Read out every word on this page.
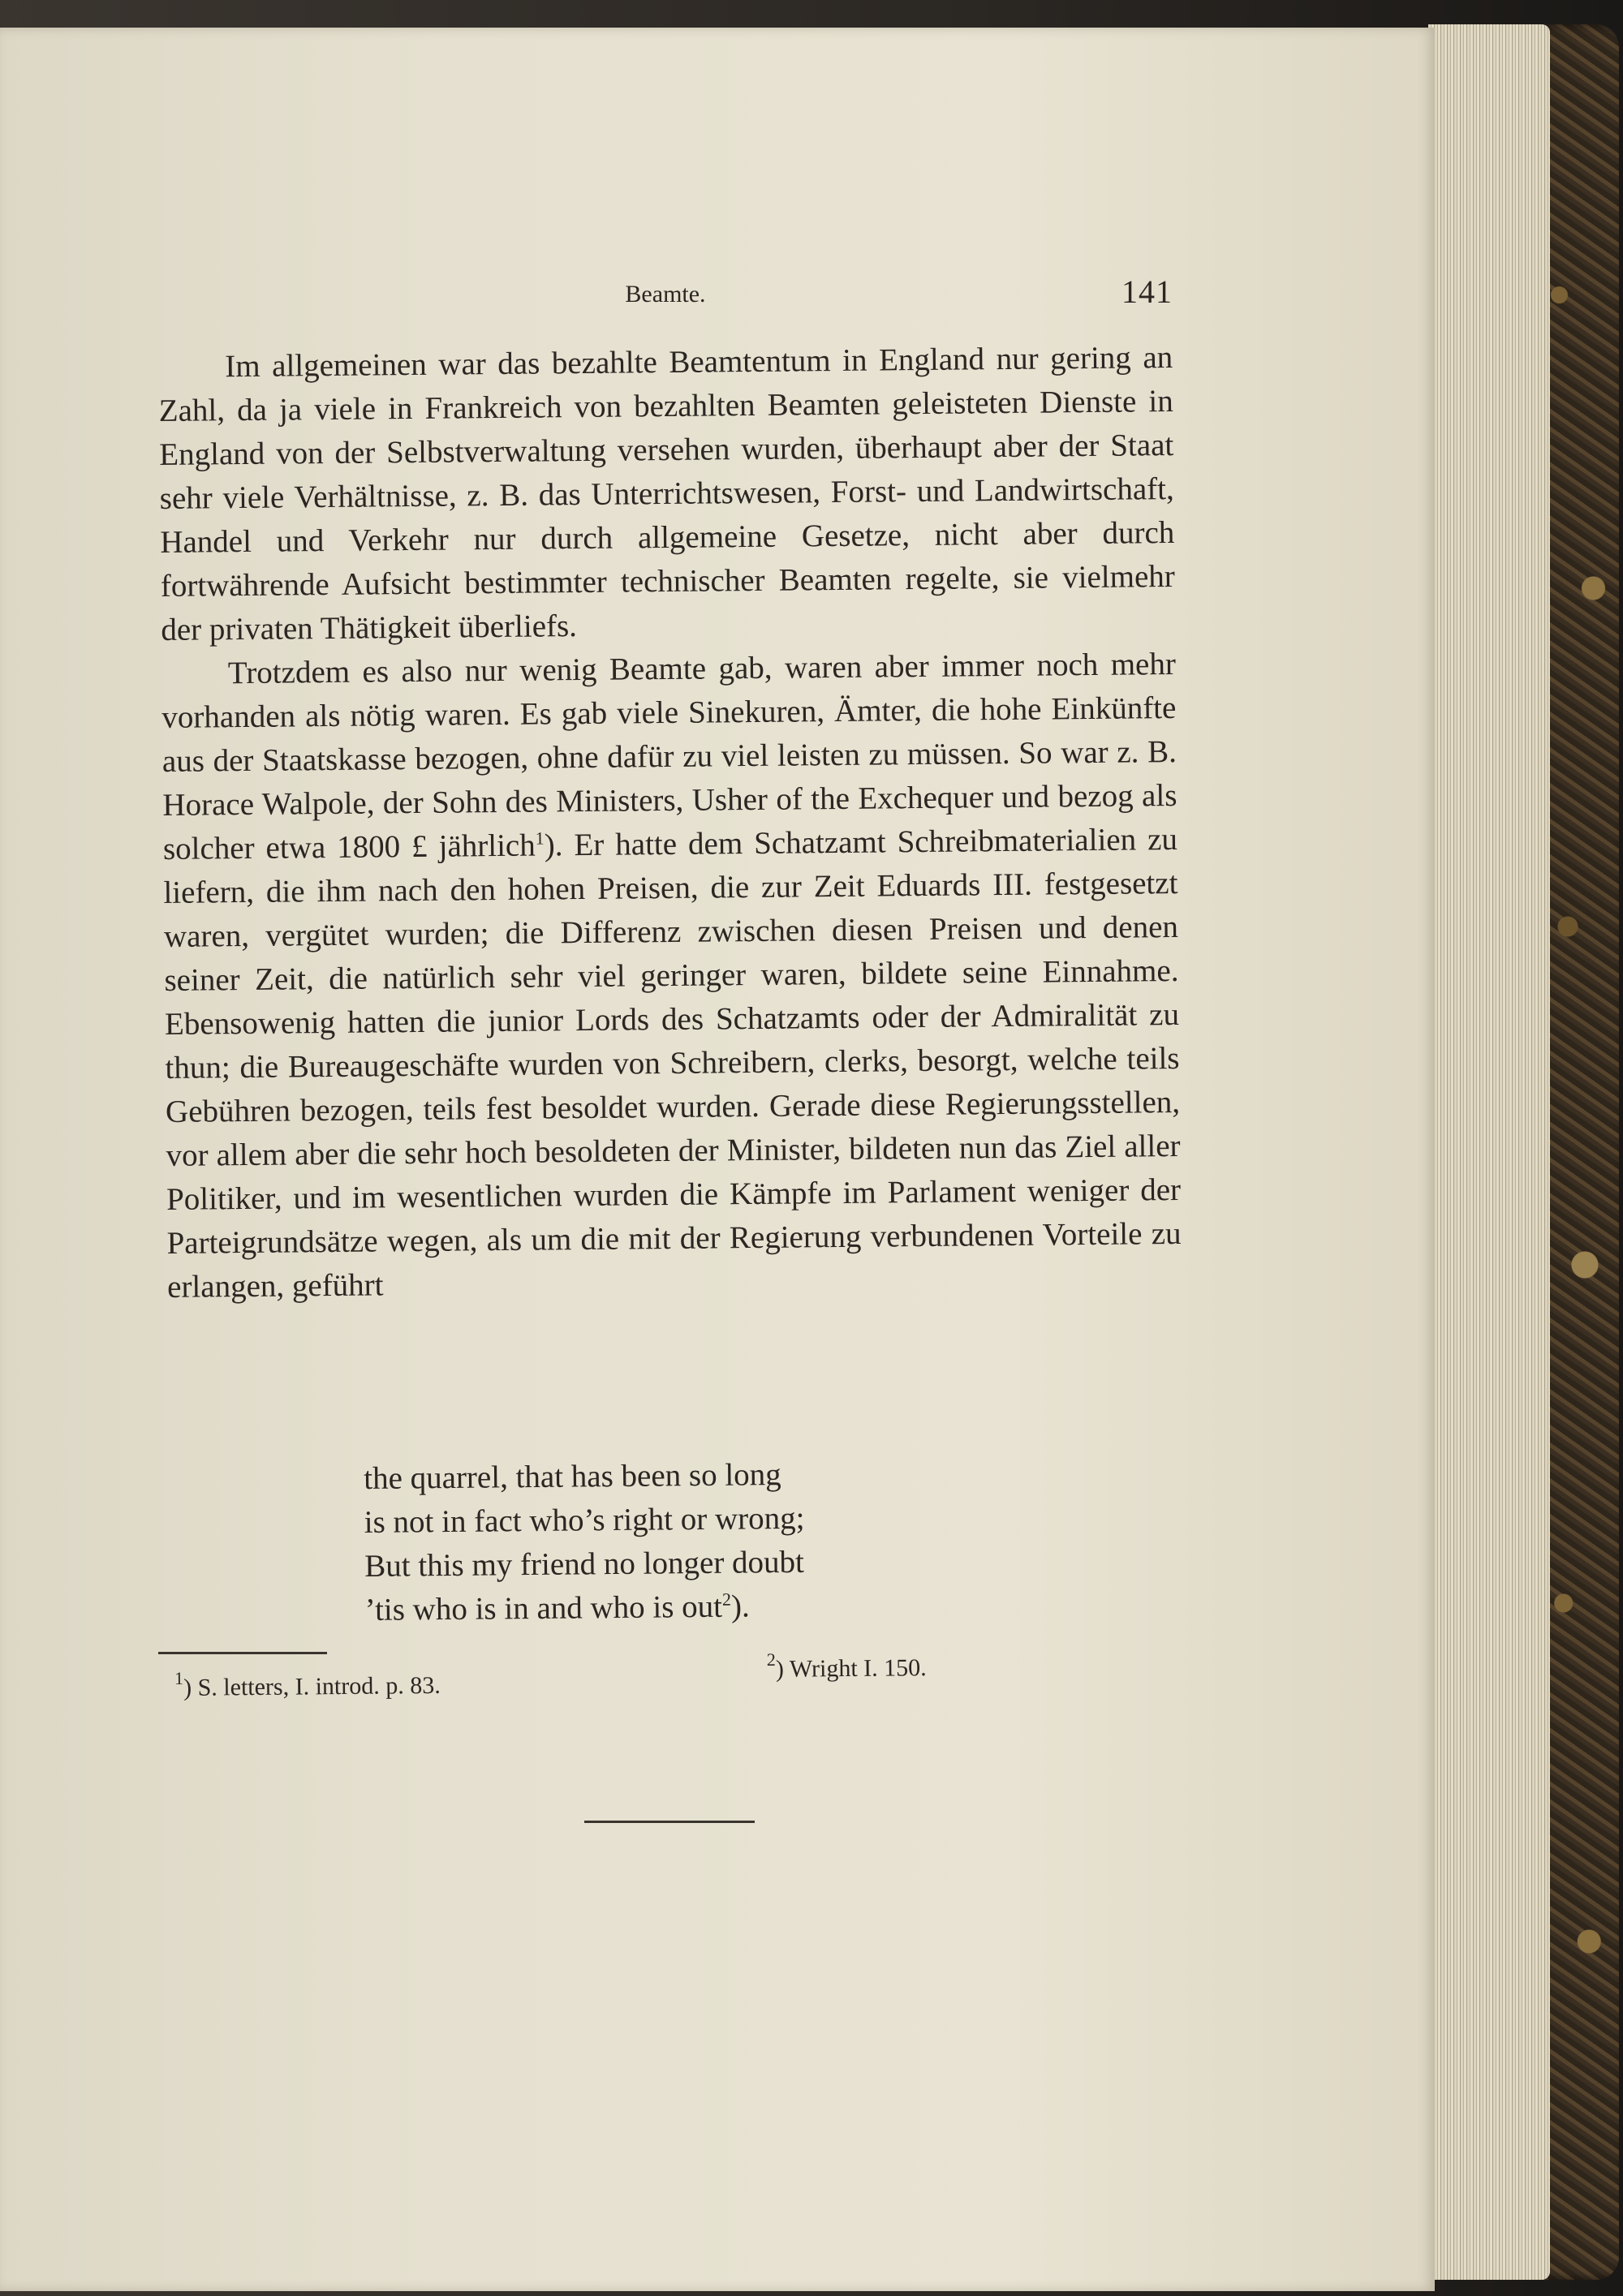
Beamte.	141

Im allgemeinen war das bezahlte Beamtentum in England nur gering an Zahl, da ja viele in Frankreich von bezahlten Beamten geleisteten Dienste in England von der Selbstverwaltung versehen wurden, überhaupt aber der Staat sehr viele Verhältnisse, z. B. das Unterrichtswesen, Forst- und Landwirtschaft, Handel und Verkehr nur durch allgemeine Gesetze, nicht aber durch fortwährende Aufsicht bestimmter technischer Beamten regelte, sie vielmehr der privaten Thätigkeit überliefs.

Trotzdem es also nur wenig Beamte gab, waren aber immer noch mehr vorhanden als nötig waren. Es gab viele Sinekuren, Ämter, die hohe Einkünfte aus der Staatskasse bezogen, ohne dafür zu viel leisten zu müssen. So war z. B. Horace Walpole, der Sohn des Ministers, Usher of the Exchequer und bezog als solcher etwa 1800 £ jährlich$^1$). Er hatte dem Schatzamt Schreibmaterialien zu liefern, die ihm nach den hohen Preisen, die zur Zeit Eduards III. festgesetzt waren, vergütet wurden; die Differenz zwischen diesen Preisen und denen seiner Zeit, die natürlich sehr viel geringer waren, bildete seine Einnahme. Ebensowenig hatten die junior Lords des Schatzamts oder der Admiralität zu thun; die Bureaugeschäfte wurden von Schreibern, clerks, besorgt, welche teils Gebühren bezogen, teils fest besoldet wurden. Gerade diese Regierungsstellen, vor allem aber die sehr hoch besoldeten der Minister, bildeten nun das Ziel aller Politiker, und im wesentlichen wurden die Kämpfe im Parlament weniger der Parteigrundsätze wegen, als um die mit der Regierung verbundenen Vorteile zu erlangen, geführt

the quarrel, that has been so long
is not in fact who’s right or wrong;
But this my friend no longer doubt
’tis who is in and who is out$^2$).
$^1$) S. letters, I. introd. p. 83.
$^2$) Wright I. 150.
